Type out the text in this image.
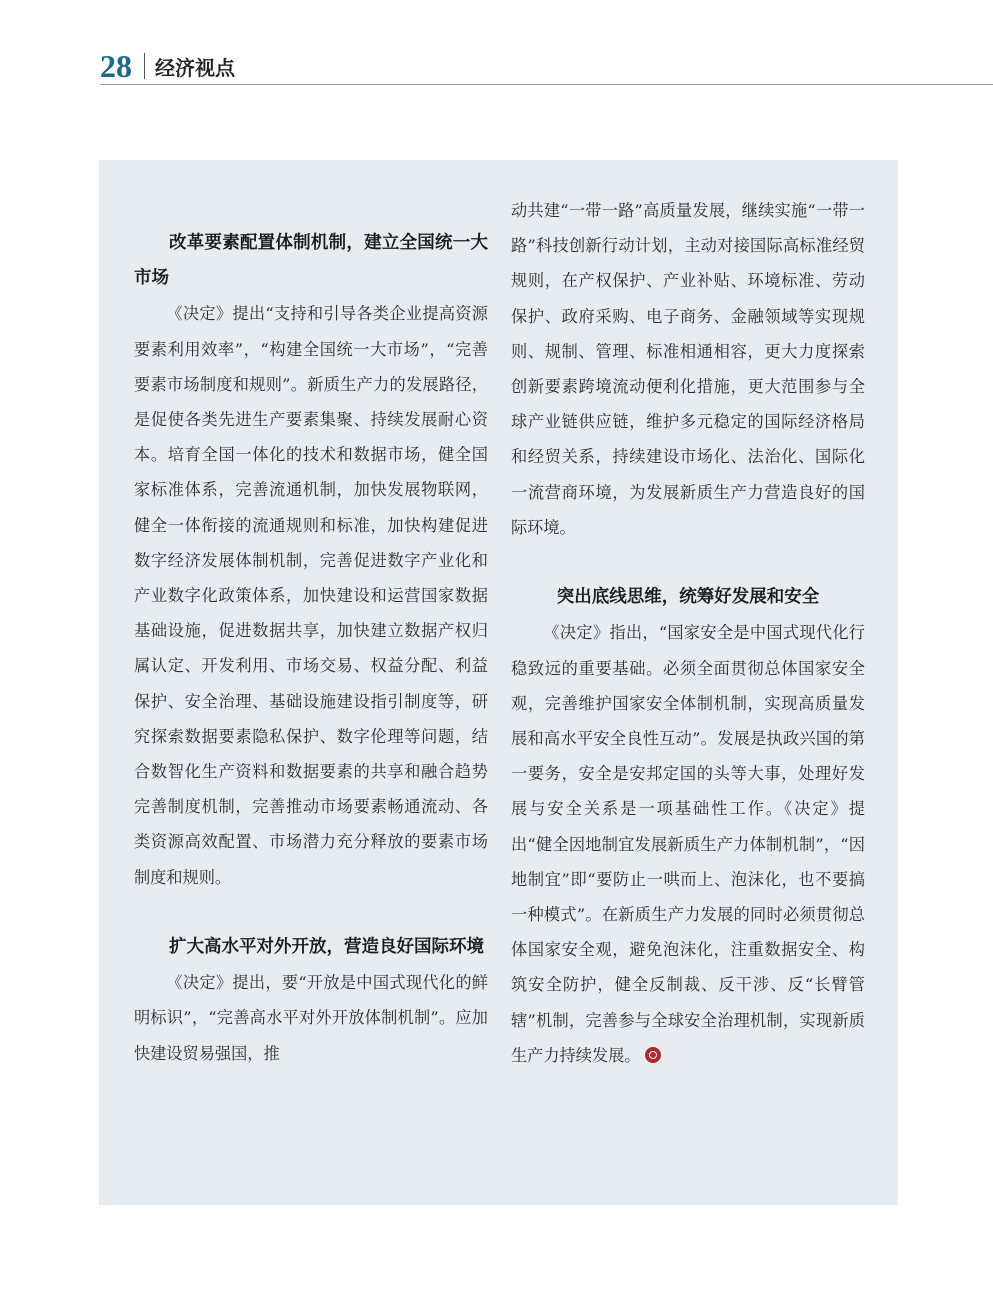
28 经济视点

改革要素配置体制机制，建立全国统一大市场

《决定》提出“支持和引导各类企业提高资源要素利用效率”，“构建全国统一大市场”，“完善要素市场制度和规则”。新质生产力的发展路径，是促使各类先进生产要素集聚、持续发展耐心资本。培育全国一体化的技术和数据市场，健全国家标准体系，完善流通机制，加快发展物联网，健全一体衔接的流通规则和标准，加快构建促进数字经济发展体制机制，完善促进数字产业化和产业数字化政策体系，加快建设和运营国家数据基础设施，促进数据共享，加快建立数据产权归属认定、开发利用、市场交易、权益分配、利益保护、安全治理、基础设施建设指引制度等，研究探索数据要素隐私保护、数字伦理等问题，结合数智化生产资料和数据要素的共享和融合趋势完善制度机制，完善推动市场要素畅通流动、各类资源高效配置、市场潜力充分释放的要素市场制度和规则。

扩大高水平对外开放，营造良好国际环境

《决定》提出，要“开放是中国式现代化的鲜明标识”，“完善高水平对外开放体制机制”。应加快建设贸易强国，推

动共建“一带一路”高质量发展，继续实施“一带一路”科技创新行动计划，主动对接国际高标准经贸规则，在产权保护、产业补贴、环境标准、劳动保护、政府采购、电子商务、金融领域等实现规则、规制、管理、标准相通相容，更大力度探索创新要素跨境流动便利化措施，更大范围参与全球产业链供应链，维护多元稳定的国际经济格局和经贸关系，持续建设市场化、法治化、国际化一流营商环境，为发展新质生产力营造良好的国际环境。

突出底线思维，统筹好发展和安全

《决定》指出，“国家安全是中国式现代化行稳致远的重要基础。必须全面贯彻总体国家安全观，完善维护国家安全体制机制，实现高质量发展和高水平安全良性互动”。发展是执政兴国的第一要务，安全是安邦定国的头等大事，处理好发展与安全关系是一项基础性工作。《决定》提出“健全因地制宜发展新质生产力体制机制”，“因地制宜”即“要防止一哄而上、泡沫化，也不要搞一种模式”。在新质生产力发展的同时必须贯彻总体国家安全观，避免泡沫化，注重数据安全、构筑安全防护，健全反制裁、反干涉、反“长臂管辖”机制，完善参与全球安全治理机制，实现新质生产力持续发展。
